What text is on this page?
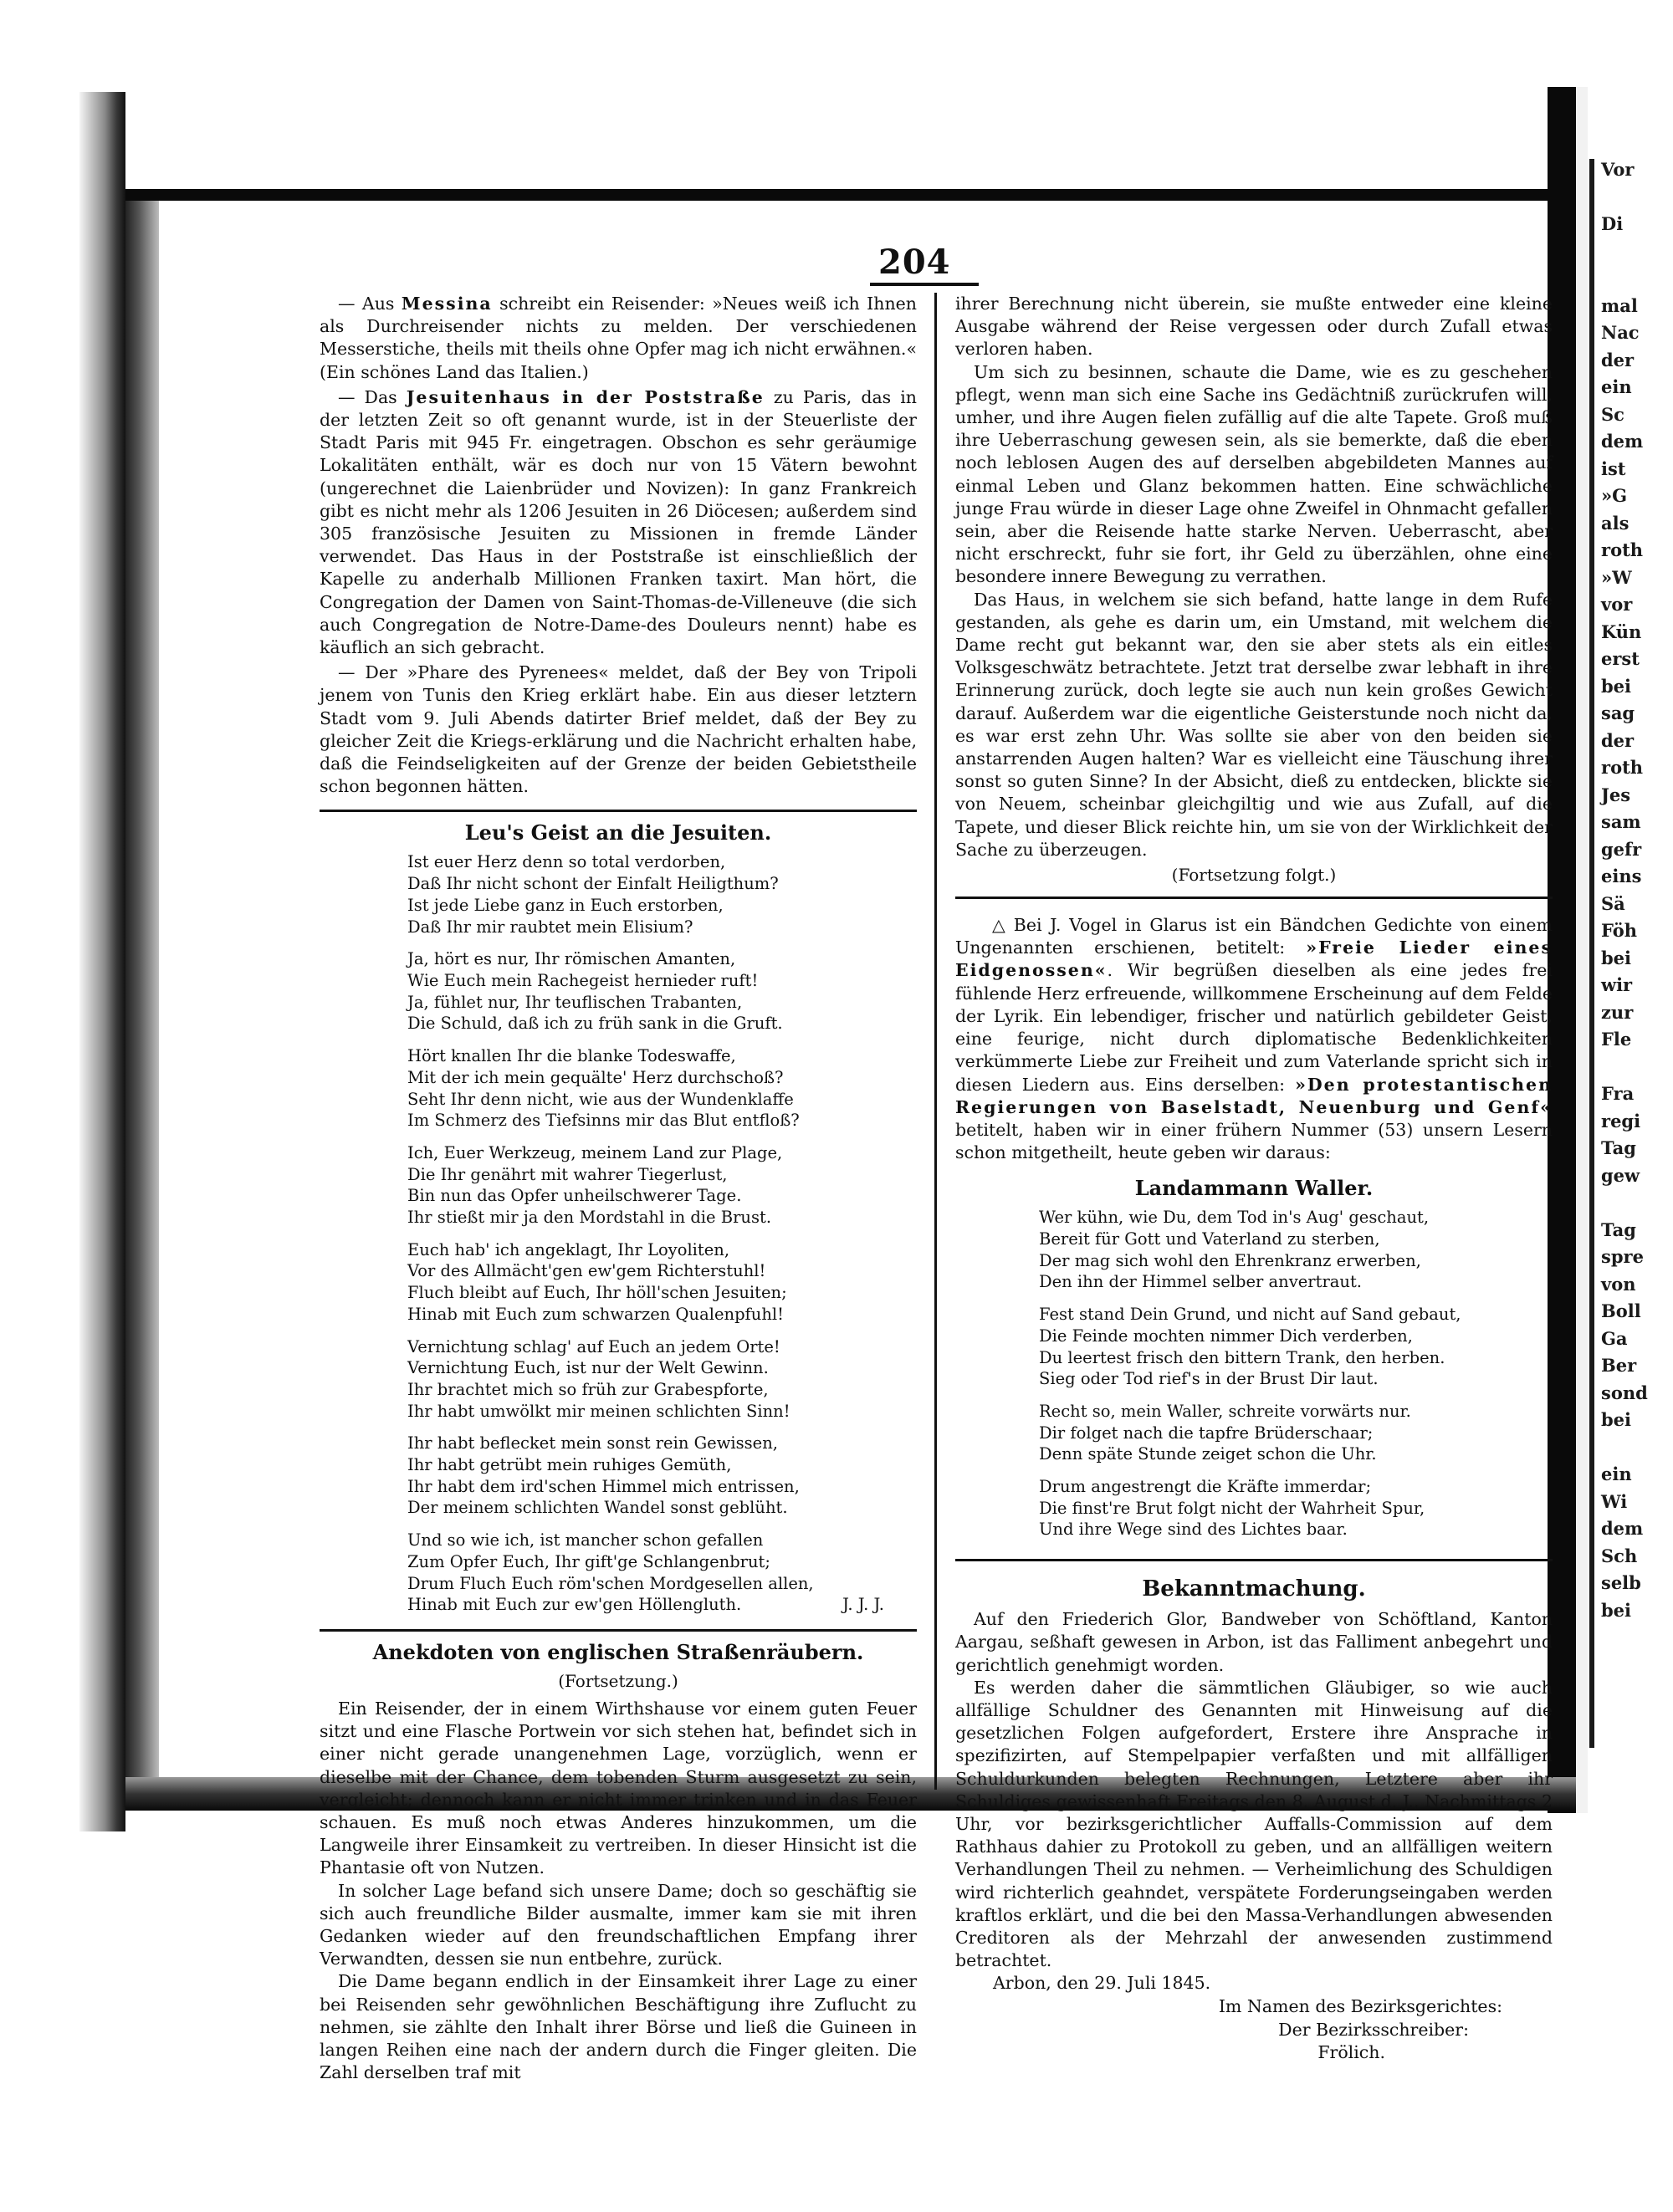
Vor
Di
mal
Nac
der
ein
Sc
dem
ist
»G
als
roth
»W
vor
Kün
erst
bei
sag
der
roth
Jes
sam
gefr
eins
Sä
Föh
bei
wir
zur
Fle
Fra
regi
Tag
gew
Tag
spre
von
Boll
Ga
Ber
sond
bei
ein
Wi
dem
Sch
selb
bei
204

— Aus Messina schreibt ein Reisender: »Neues weiß ich Ihnen als Durchreisender nichts zu melden. Der verschiedenen Messerstiche, theils mit theils ohne Opfer mag ich nicht erwähnen.« (Ein schönes Land das Italien.)

— Das Jesuitenhaus in der Poststraße zu Paris, das in der letzten Zeit so oft genannt wurde, ist in der Steuerliste der Stadt Paris mit 945 Fr. eingetragen. Obschon es sehr geräumige Lokalitäten enthält, wär es doch nur von 15 Vätern bewohnt (ungerechnet die Laienbrüder und Novizen): In ganz Frankreich gibt es nicht mehr als 1206 Jesuiten in 26 Diöcesen; außerdem sind 305 französische Jesuiten zu Missionen in fremde Länder verwendet. Das Haus in der Poststraße ist einschließlich der Kapelle zu anderhalb Millionen Franken taxirt. Man hört, die Congregation der Damen von Saint-Thomas-de-Villeneuve (die sich auch Congregation de Notre-Dame-des Douleurs nennt) habe es käuflich an sich gebracht.

— Der »Phare des Pyrenees« meldet, daß der Bey von Tripoli jenem von Tunis den Krieg erklärt habe. Ein aus dieser letztern Stadt vom 9. Juli Abends datirter Brief meldet, daß der Bey zu gleicher Zeit die Kriegs-erklärung und die Nachricht erhalten habe, daß die Feindseligkeiten auf der Grenze der beiden Gebietstheile schon begonnen hätten.

Leu's Geist an die Jesuiten.
Ist euer Herz denn so total verdorben,
Daß Ihr nicht schont der Einfalt Heiligthum?
Ist jede Liebe ganz in Euch erstorben,
Daß Ihr mir raubtet mein Elisium?
Ja, hört es nur, Ihr römischen Amanten,
Wie Euch mein Rachegeist hernieder ruft!
Ja, fühlet nur, Ihr teuflischen Trabanten,
Die Schuld, daß ich zu früh sank in die Gruft.
Hört knallen Ihr die blanke Todeswaffe,
Mit der ich mein gequälte' Herz durchschoß?
Seht Ihr denn nicht, wie aus der Wundenklaffe
Im Schmerz des Tiefsinns mir das Blut entfloß?
Ich, Euer Werkzeug, meinem Land zur Plage,
Die Ihr genährt mit wahrer Tiegerlust,
Bin nun das Opfer unheilschwerer Tage.
Ihr stießt mir ja den Mordstahl in die Brust.
Euch hab' ich angeklagt, Ihr Loyoliten,
Vor des Allmächt'gen ew'gem Richterstuhl!
Fluch bleibt auf Euch, Ihr höll'schen Jesuiten;
Hinab mit Euch zum schwarzen Qualenpfuhl!
Vernichtung schlag' auf Euch an jedem Orte!
Vernichtung Euch, ist nur der Welt Gewinn.
Ihr brachtet mich so früh zur Grabespforte,
Ihr habt umwölkt mir meinen schlichten Sinn!
Ihr habt beflecket mein sonst rein Gewissen,
Ihr habt getrübt mein ruhiges Gemüth,
Ihr habt dem ird'schen Himmel mich entrissen,
Der meinem schlichten Wandel sonst geblüht.
Und so wie ich, ist mancher schon gefallen
Zum Opfer Euch, Ihr gift'ge Schlangenbrut;
Drum Fluch Euch röm'schen Mordgesellen allen,
Hinab mit Euch zur ew'gen Höllengluth.	J. J. J.
Anekdoten von englischen Straßenräubern.
(Fortsetzung.)

Ein Reisender, der in einem Wirthshause vor einem guten Feuer sitzt und eine Flasche Portwein vor sich stehen hat, befindet sich in einer nicht gerade unangenehmen Lage, vorzüglich, wenn er dieselbe mit der Chance, dem tobenden Sturm ausgesetzt zu sein, vergleicht; dennoch kann er nicht immer trinken und in das Feuer schauen. Es muß noch etwas Anderes hinzukommen, um die Langweile ihrer Einsamkeit zu vertreiben. In dieser Hinsicht ist die Phantasie oft von Nutzen.

In solcher Lage befand sich unsere Dame; doch so geschäftig sie sich auch freundliche Bilder ausmalte, immer kam sie mit ihren Gedanken wieder auf den freundschaftlichen Empfang ihrer Verwandten, dessen sie nun entbehre, zurück.

Die Dame begann endlich in der Einsamkeit ihrer Lage zu einer bei Reisenden sehr gewöhnlichen Beschäftigung ihre Zuflucht zu nehmen, sie zählte den Inhalt ihrer Börse und ließ die Guineen in langen Reihen eine nach der andern durch die Finger gleiten. Die Zahl derselben traf mit

ihrer Berechnung nicht überein, sie mußte entweder eine kleine Ausgabe während der Reise vergessen oder durch Zufall etwas verloren haben.

Um sich zu besinnen, schaute die Dame, wie es zu geschehen pflegt, wenn man sich eine Sache ins Gedächtniß zurückrufen will, umher, und ihre Augen fielen zufällig auf die alte Tapete. Groß muß ihre Ueberraschung gewesen sein, als sie bemerkte, daß die eben noch leblosen Augen des auf derselben abgebildeten Mannes auf einmal Leben und Glanz bekommen hatten. Eine schwächliche junge Frau würde in dieser Lage ohne Zweifel in Ohnmacht gefallen sein, aber die Reisende hatte starke Nerven. Ueberrascht, aber nicht erschreckt, fuhr sie fort, ihr Geld zu überzählen, ohne eine besondere innere Bewegung zu verrathen.

Das Haus, in welchem sie sich befand, hatte lange in dem Rufe gestanden, als gehe es darin um, ein Umstand, mit welchem die Dame recht gut bekannt war, den sie aber stets als ein eitles Volksgeschwätz betrachtete. Jetzt trat derselbe zwar lebhaft in ihre Erinnerung zurück, doch legte sie auch nun kein großes Gewicht darauf. Außerdem war die eigentliche Geisterstunde noch nicht da, es war erst zehn Uhr. Was sollte sie aber von den beiden sie anstarrenden Augen halten? War es vielleicht eine Täuschung ihrer sonst so guten Sinne? In der Absicht, dieß zu entdecken, blickte sie von Neuem, scheinbar gleichgiltig und wie aus Zufall, auf die Tapete, und dieser Blick reichte hin, um sie von der Wirklichkeit der Sache zu überzeugen.

(Fortsetzung folgt.)

△ Bei J. Vogel in Glarus ist ein Bändchen Gedichte von einem Ungenannten erschienen, betitelt: »Freie Lieder eines Eidgenossen«. Wir begrüßen dieselben als eine jedes frei fühlende Herz erfreuende, willkommene Erscheinung auf dem Felde der Lyrik. Ein lebendiger, frischer und natürlich gebildeter Geist, eine feurige, nicht durch diplomatische Bedenklichkeiten verkümmerte Liebe zur Freiheit und zum Vaterlande spricht sich in diesen Liedern aus. Eins derselben: »Den protestantischen Regierungen von Baselstadt, Neuenburg und Genf« betitelt, haben wir in einer frühern Nummer (53) unsern Lesern schon mitgetheilt, heute geben wir daraus:

Landammann Waller.
Wer kühn, wie Du, dem Tod in's Aug' geschaut,
Bereit für Gott und Vaterland zu sterben,
Der mag sich wohl den Ehrenkranz erwerben,
Den ihn der Himmel selber anvertraut.
Fest stand Dein Grund, und nicht auf Sand gebaut,
Die Feinde mochten nimmer Dich verderben,
Du leertest frisch den bittern Trank, den herben.
Sieg oder Tod rief's in der Brust Dir laut.
Recht so, mein Waller, schreite vorwärts nur.
Dir folget nach die tapfre Brüderschaar;
Denn späte Stunde zeiget schon die Uhr.
Drum angestrengt die Kräfte immerdar;
Die finst're Brut folgt nicht der Wahrheit Spur,
Und ihre Wege sind des Lichtes baar.
Bekanntmachung.

Auf den Friederich Glor, Bandweber von Schöftland, Kanton Aargau, seßhaft gewesen in Arbon, ist das Falliment anbegehrt und gerichtlich genehmigt worden.

Es werden daher die sämmtlichen Gläubiger, so wie auch allfällige Schuldner des Genannten mit Hinweisung auf die gesetzlichen Folgen aufgefordert, Erstere ihre Ansprache in spezifizirten, auf Stempelpapier verfaßten und mit allfälligen Schuldurkunden belegten Rechnungen, Letztere aber ihr Schuldiges gewissenhaft Freitags den 8. August d. J., Nachmittags 2 Uhr, vor bezirksgerichtlicher Auffalls-Commission auf dem Rathhaus dahier zu Protokoll zu geben, und an allfälligen weitern Verhandlungen Theil zu nehmen. — Verheimlichung des Schuldigen wird richterlich geahndet, verspätete Forderungseingaben werden kraftlos erklärt, und die bei den Massa-Verhandlungen abwesenden Creditoren als der Mehrzahl der anwesenden zustimmend betrachtet.

Arbon, den 29. Juli 1845.
Im Namen des Bezirksgerichtes:
Der Bezirksschreiber:
Frölich.
